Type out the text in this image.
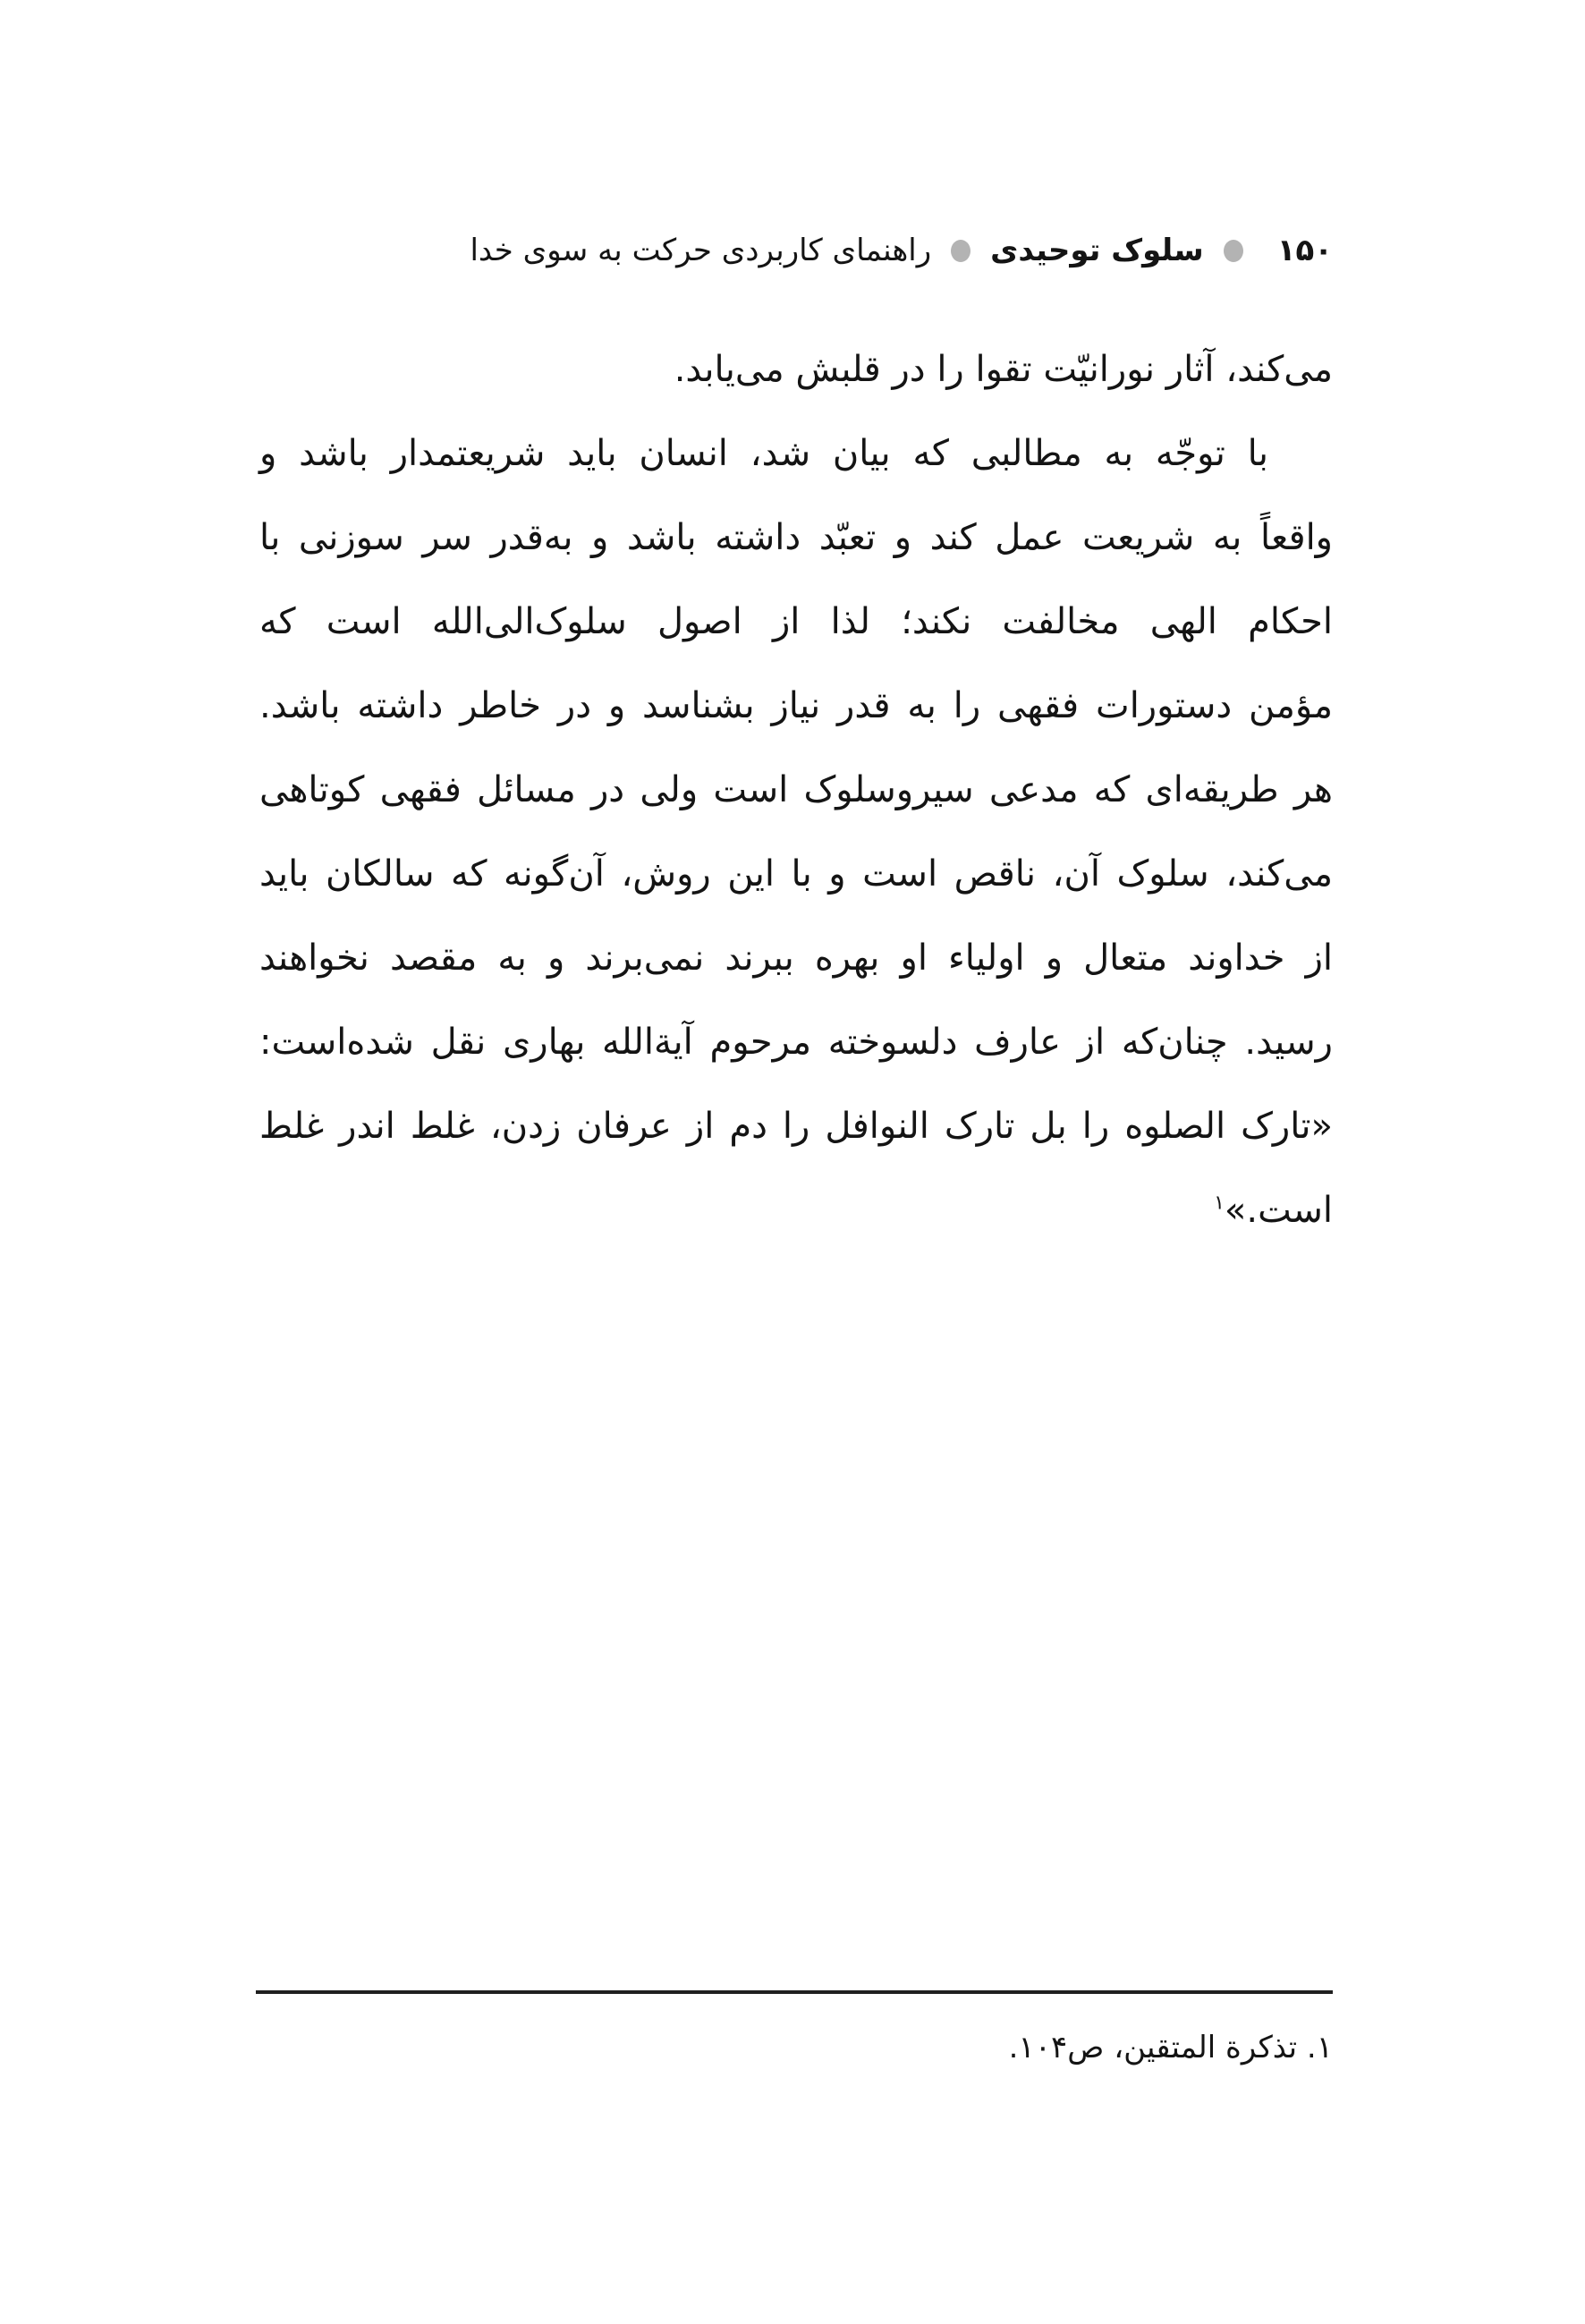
۱۵۰
سلوک توحیدی
راهنمای کاربردی حرکت به سوی خدا
می‌کند، آثار نورانیّت تقوا را در قلبش می‌یابد.
با توجّه به مطالبی که بیان شد، انسان باید شریعتمدار باشد و
واقعاً به شریعت عمل کند و تعبّد داشته باشد و به‌قدر سر سوزنی با
احکام الهی مخالفت نکند؛ لذا از اصول سلوک‌الی‌الله است که
مؤمن دستورات فقهی را به قدر نیاز بشناسد و در خاطر داشته باشد.
هر طریقه‌ای که مدعی سیروسلوک است ولی در مسائل فقهی کوتاهی
می‌کند، سلوک آن، ناقص است و با این روش، آن‌گونه که سالکان باید
از خداوند متعال و اولیاء او بهره ببرند نمی‌برند و به مقصد نخواهند
رسید. چنان‌که از عارف دلسوخته مرحوم آیة‌الله بهاری نقل شده‌است:
«تارک الصلوه را بل تارک النوافل را دم از عرفان زدن، غلط اندر غلط
است.»$^۱$
۱. تذکرة المتقین، ص۱۰۴.
